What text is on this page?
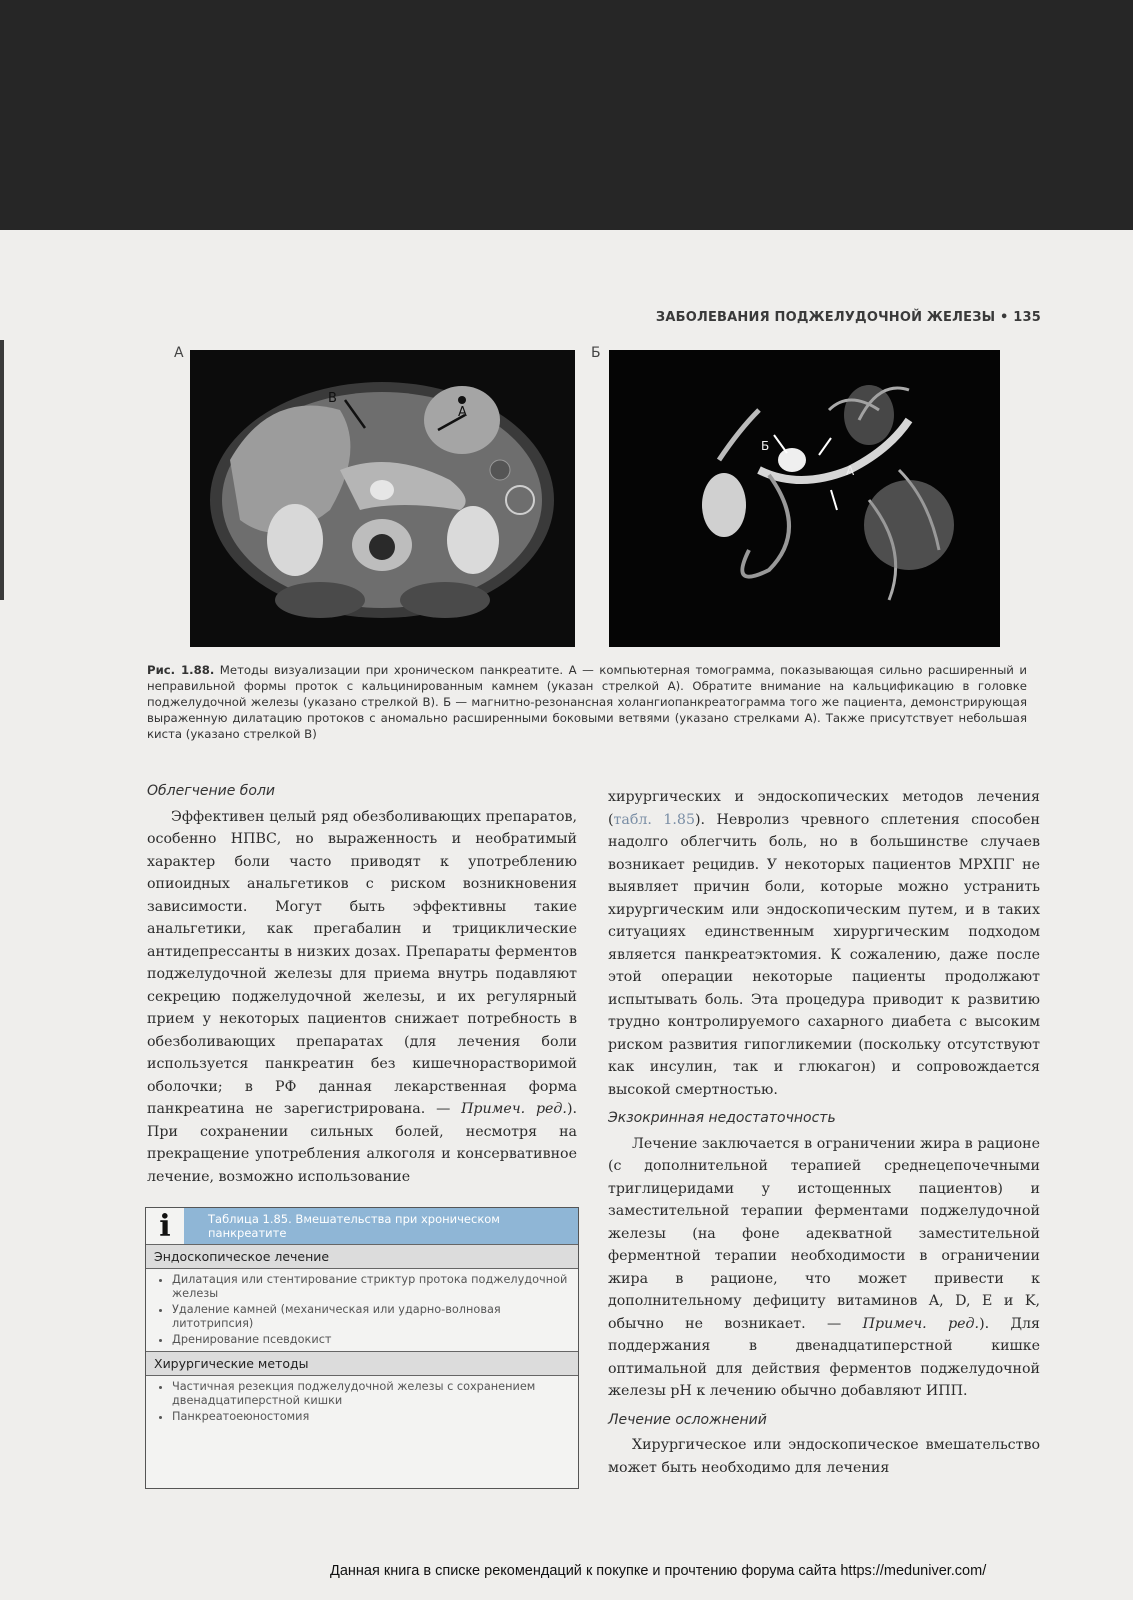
ЗАБОЛЕВАНИЯ ПОДЖЕЛУДОЧНОЙ ЖЕЛЕЗЫ • 135
А
В
А
Б
Б
А
Рис. 1.88. Методы визуализации при хроническом панкреатите. А — компьютерная томограмма, показывающая сильно расширенный и неправильной формы проток с кальцинированным камнем (указан стрелкой А). Обратите внимание на кальцификацию в головке поджелудочной железы (указано стрелкой В). Б — магнитно-резонансная холангиопанкреатограмма того же пациента, демонстрирующая выраженную дилатацию протоков с аномально расширенными боковыми ветвями (указано стрелками А). Также присутствует небольшая киста (указано стрелкой В)
Облегчение боли

Эффективен целый ряд обезболивающих препаратов, особенно НПВС, но выраженность и необратимый характер боли часто приводят к употреблению опиоидных анальгетиков с риском возникновения зависимости. Могут быть эффективны такие анальгетики, как прегабалин и трициклические антидепрессанты в низких дозах. Препараты ферментов поджелудочной железы для приема внутрь подавляют секрецию поджелудочной железы, и их регулярный прием у некоторых пациентов снижает потребность в обезболивающих препаратах (для лечения боли используется панкреатин без кишечнорастворимой оболочки; в РФ данная лекарственная форма панкреатина не зарегистрирована. — Примеч. ред.). При сохранении сильных болей, несмотря на прекращение употребления алкоголя и консервативное лечение, возможно использование

i	Таблица 1.85. Вмешательства при хроническом панкреатите
Эндоскопическое лечение
• Дилатация или стентирование стриктур протока поджелудочной железы
• Удаление камней (механическая или ударно-волновая литотрипсия)
• Дренирование псевдокист
Хирургические методы
• Частичная резекция поджелудочной железы с сохранением двенадцатиперстной кишки
• Панкреатоеюностомия

хирургических и эндоскопических методов лечения (табл. 1.85). Невролиз чревного сплетения способен надолго облегчить боль, но в большинстве случаев возникает рецидив. У некоторых пациентов МРХПГ не выявляет причин боли, которые можно устранить хирургическим или эндоскопическим путем, и в таких ситуациях единственным хирургическим подходом является панкреатэктомия. К сожалению, даже после этой операции некоторые пациенты продолжают испытывать боль. Эта процедура приводит к развитию трудно контролируемого сахарного диабета с высоким риском развития гипогликемии (поскольку отсутствуют как инсулин, так и глюкагон) и сопровождается высокой смертностью.

Экзокринная недостаточность

Лечение заключается в ограничении жира в рационе (с дополнительной терапией среднецепочечными триглицеридами у истощенных пациентов) и заместительной терапии ферментами поджелудочной железы (на фоне адекватной заместительной ферментной терапии необходимости в ограничении жира в рационе, что может привести к дополнительному дефициту витаминов A, D, E и K, обычно не возникает. — Примеч. ред.). Для поддержания в двенадцатиперстной кишке оптимальной для действия ферментов поджелудочной железы pH к лечению обычно добавляют ИПП.

Лечение осложнений

Хирургическое или эндоскопическое вмешательство может быть необходимо для лечения

Данная книга в списке рекомендаций к покупке и прочтению форума сайта https://meduniver.com/
